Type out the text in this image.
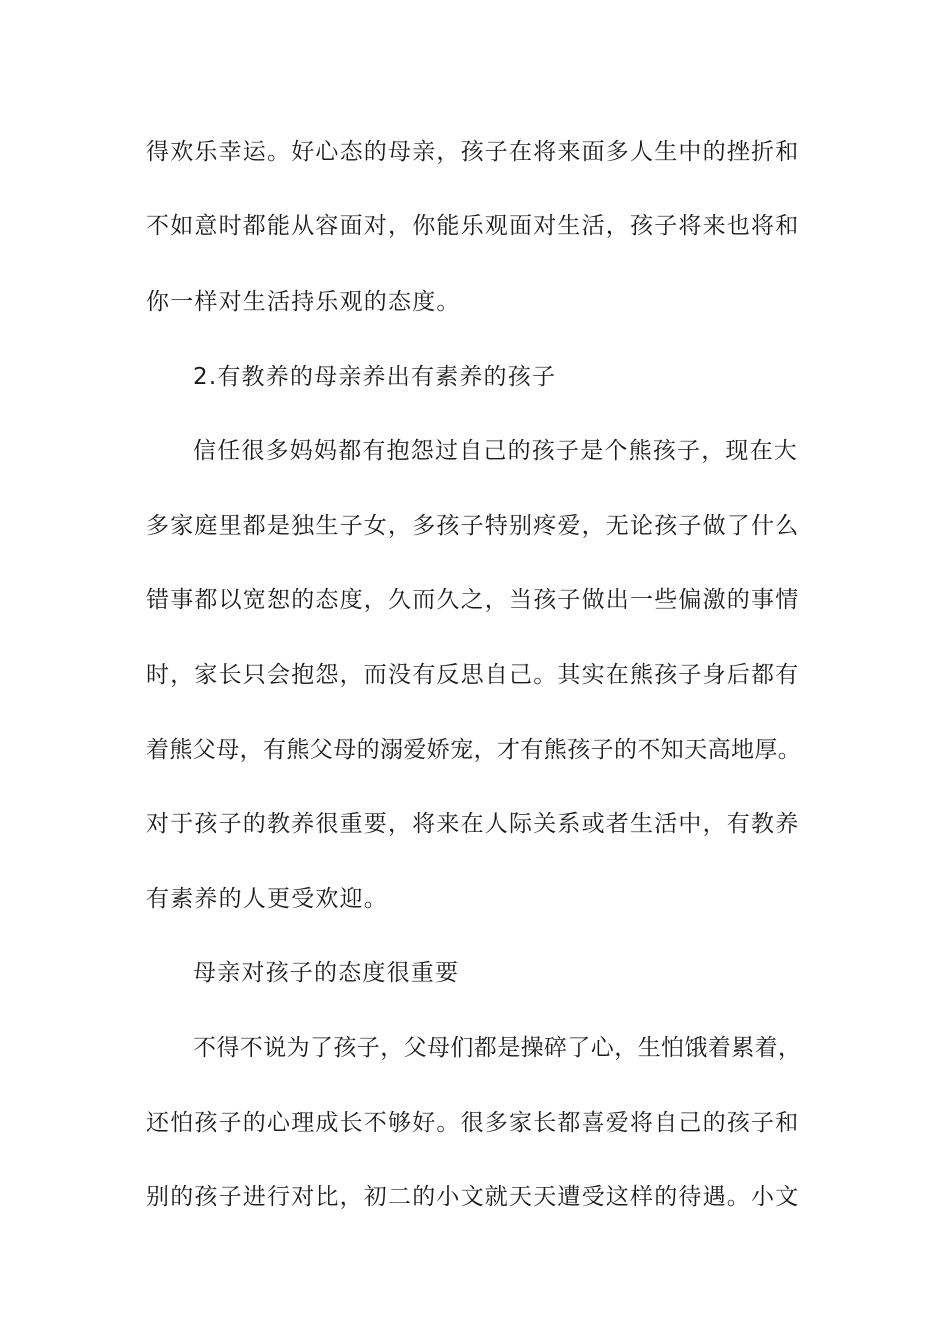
得欢乐幸运。好心态的母亲，孩子在将来面多人生中的挫折和
不如意时都能从容面对，你能乐观面对生活，孩子将来也将和
你一样对生活持乐观的态度。
2.有教养的母亲养出有素养的孩子
信任很多妈妈都有抱怨过自己的孩子是个熊孩子，现在大
多家庭里都是独生子女，多孩子特别疼爱，无论孩子做了什么
错事都以宽恕的态度，久而久之，当孩子做出一些偏激的事情
时，家长只会抱怨，而没有反思自己。其实在熊孩子身后都有
着熊父母，有熊父母的溺爱娇宠，才有熊孩子的不知天高地厚。
对于孩子的教养很重要，将来在人际关系或者生活中，有教养
有素养的人更受欢迎。
母亲对孩子的态度很重要
不得不说为了孩子，父母们都是操碎了心，生怕饿着累着，
还怕孩子的心理成长不够好。很多家长都喜爱将自己的孩子和
别的孩子进行对比，初二的小文就天天遭受这样的待遇。小文
